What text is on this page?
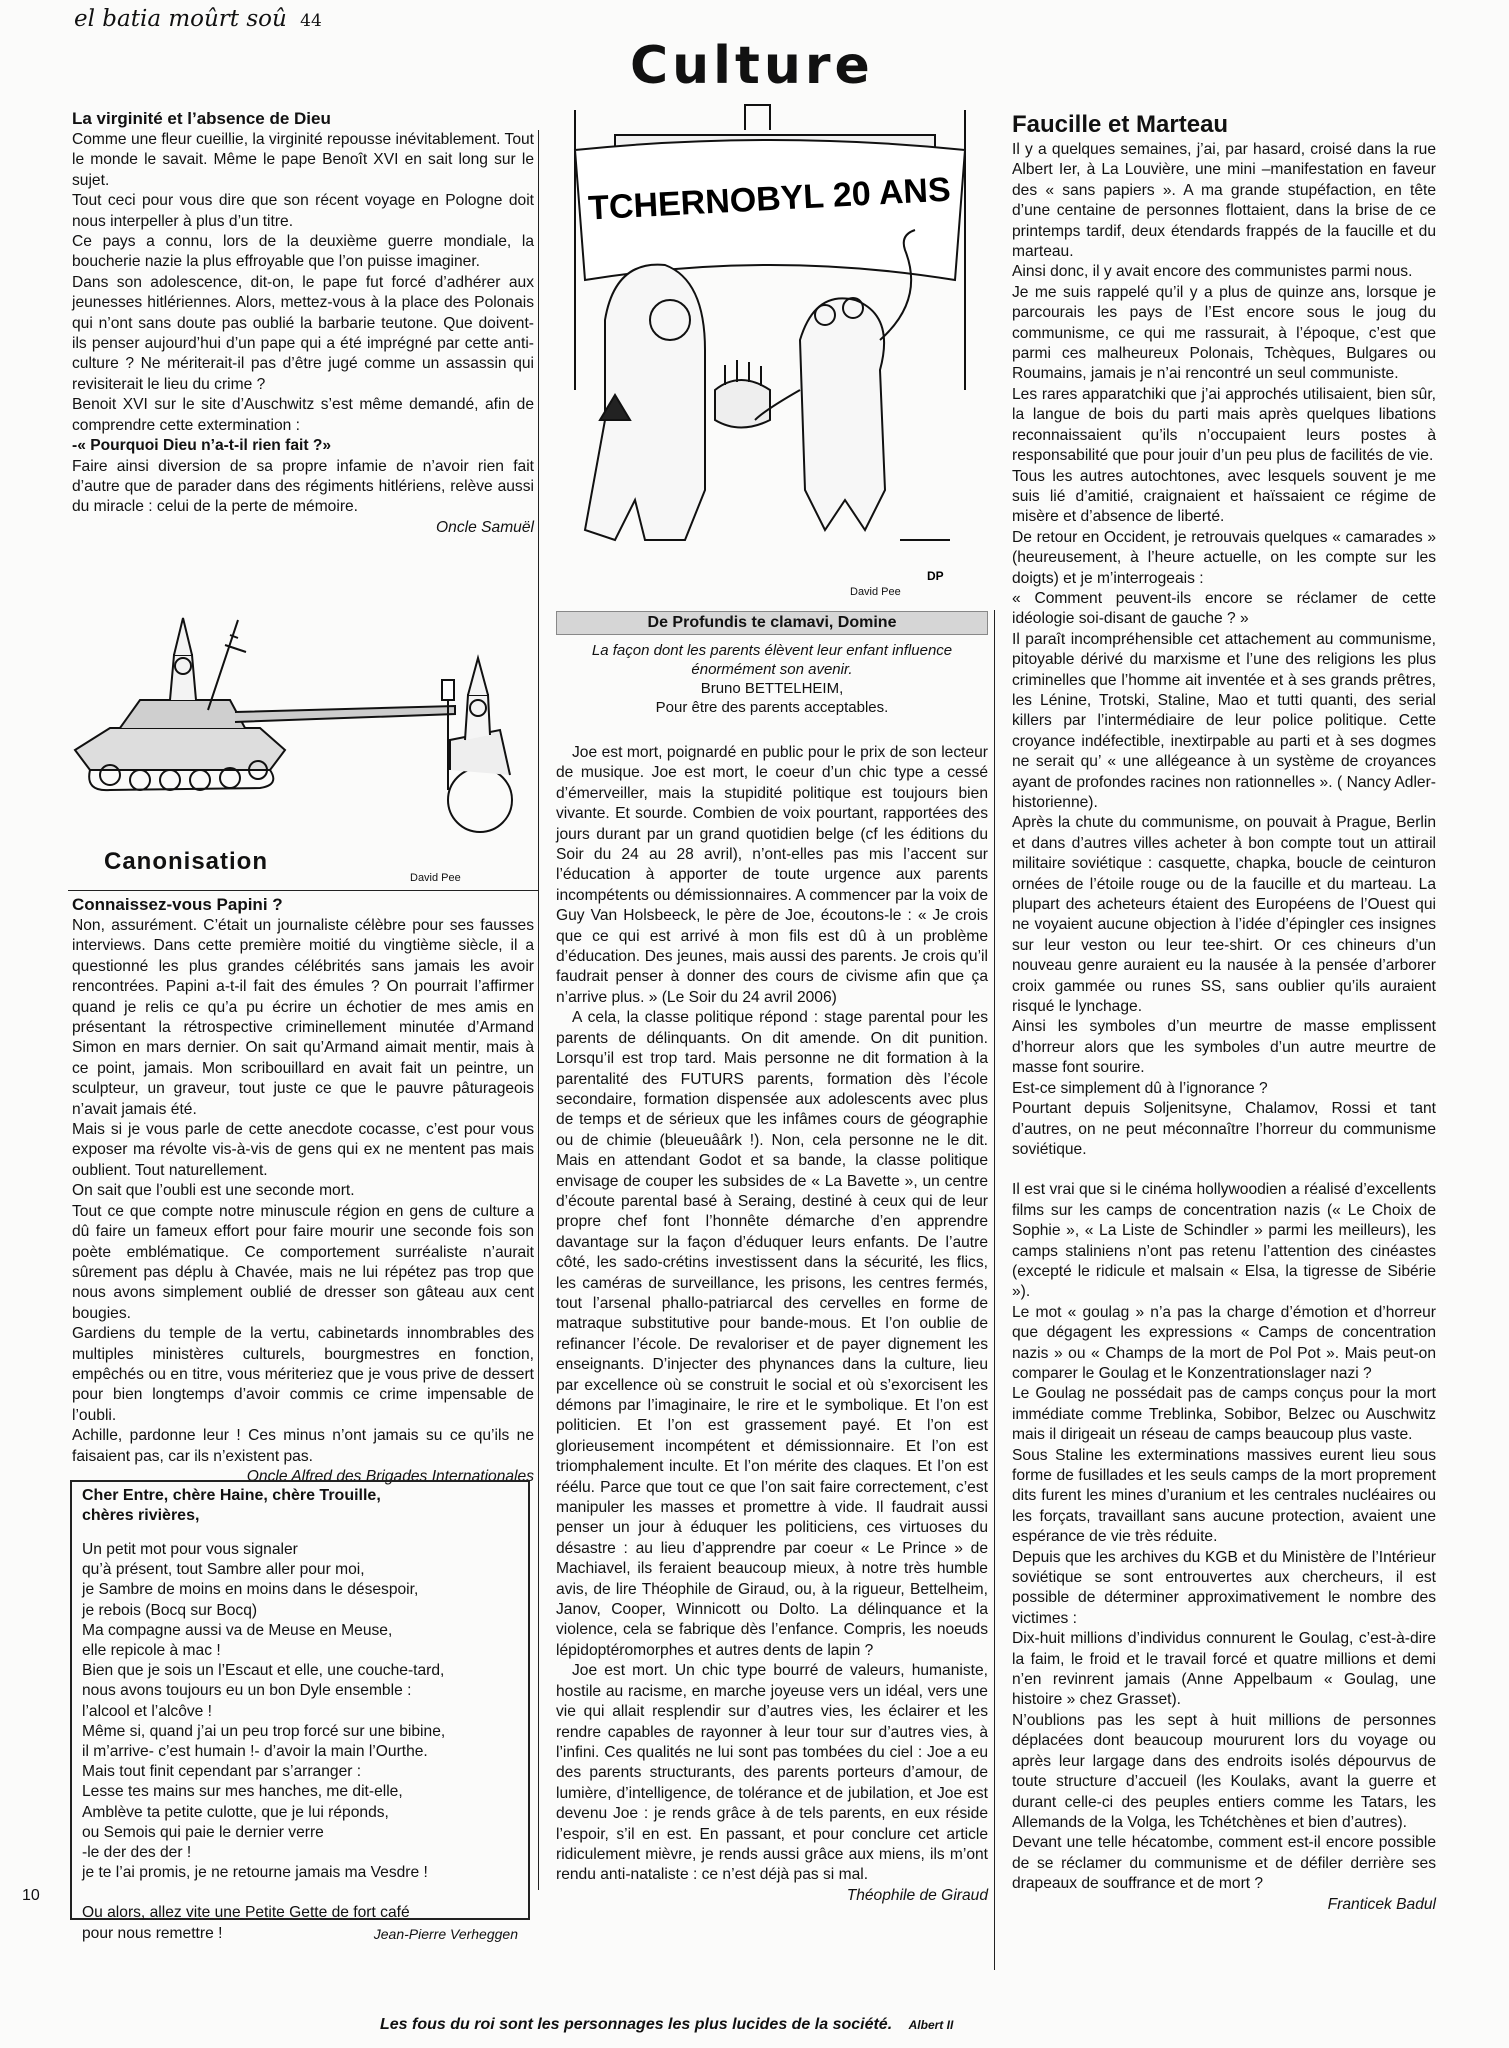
el batia moûrt soû 44
Culture
La virginité et l’absence de Dieu

Comme une fleur cueillie, la virginité repousse inévitablement. Tout le monde le savait. Même le pape Benoît XVI en sait long sur le sujet.

Tout ceci pour vous dire que son récent voyage en Pologne doit nous interpeller à plus d’un titre.

Ce pays a connu, lors de la deuxième guerre mondiale, la boucherie nazie la plus effroyable que l’on puisse imaginer.

Dans son adolescence, dit-on, le pape fut forcé d’adhérer aux jeunesses hitlériennes. Alors, mettez-vous à la place des Polonais qui n’ont sans doute pas oublié la barbarie teutone. Que doivent-ils penser aujourd’hui d’un pape qui a été imprégné par cette anti-culture ? Ne mériterait-il pas d’être jugé comme un assassin qui revisiterait le lieu du crime ?

Benoit XVI sur le site d’Auschwitz s’est même demandé, afin de comprendre cette extermination :

-« Pourquoi Dieu n’a-t-il rien fait ?»

Faire ainsi diversion de sa propre infamie de n’avoir rien fait d’autre que de parader dans des régiments hitlériens, relève aussi du miracle : celui de la perte de mémoire.

Oncle Samuël

David Pee
Canonisation
Connaissez-vous Papini ?

Non, assurément. C’était un journaliste célèbre pour ses fausses interviews. Dans cette première moitié du vingtième siècle, il a questionné les plus grandes célébrités sans jamais les avoir rencontrées. Papini a-t-il fait des émules ? On pourrait l’affirmer quand je relis ce qu’a pu écrire un échotier de mes amis en présentant la rétrospective criminellement minutée d’Armand Simon en mars dernier. On sait qu’Armand aimait mentir, mais à ce point, jamais. Mon scribouillard en avait fait un peintre, un sculpteur, un graveur, tout juste ce que le pauvre pâturageois n’avait jamais été.

Mais si je vous parle de cette anecdote cocasse, c’est pour vous exposer ma révolte vis-à-vis de gens qui ex ne mentent pas mais oublient. Tout naturellement.

On sait que l’oubli est une seconde mort.

Tout ce que compte notre minuscule région en gens de culture a dû faire un fameux effort pour faire mourir une seconde fois son poète emblématique. Ce comportement surréaliste n’aurait sûrement pas déplu à Chavée, mais ne lui répétez pas trop que nous avons simplement oublié de dresser son gâteau aux cent bougies.

Gardiens du temple de la vertu, cabinetards innombrables des multiples ministères culturels, bourgmestres en fonction, empêchés ou en titre, vous mériteriez que je vous prive de dessert pour bien longtemps d’avoir commis ce crime impensable de l’oubli.

Achille, pardonne leur ! Ces minus n’ont jamais su ce qu’ils ne faisaient pas, car ils n’existent pas.

Oncle Alfred des Brigades Internationales

Cher Entre, chère Haine, chère Trouille, chères rivières,
Un petit mot pour vous signaler
qu’à présent, tout Sambre aller pour moi,
je Sambre de moins en moins dans le désespoir,
je rebois (Bocq sur Bocq)
Ma compagne aussi va de Meuse en Meuse,
elle repicole à mac !
Bien que je sois un l’Escaut et elle, une couche-tard,
nous avons toujours eu un bon Dyle ensemble :
l’alcool et l’alcôve !
Même si, quand j’ai un peu trop forcé sur une bibine,
il m’arrive- c’est humain !- d’avoir la main l’Ourthe.
Mais tout finit cependant par s’arranger :
Lesse tes mains sur mes hanches, me dit-elle,
Amblève ta petite culotte, que je lui réponds,
ou Semois qui paie le dernier verre
-le der des der !
je te l’ai promis, je ne retourne jamais ma Vesdre !
Ou alors, allez vite une Petite Gette de fort café
pour nous remettre !	Jean-Pierre Verheggen
10
TCHERNOBYL 20 ANS
DP
David Pee
De Profundis te clamavi, Domine
La façon dont les parents élèvent leur enfant influence énormément son avenir.
Bruno BETTELHEIM,
Pour être des parents acceptables.

Joe est mort, poignardé en public pour le prix de son lecteur de musique. Joe est mort, le coeur d’un chic type a cessé d’émerveiller, mais la stupidité politique est toujours bien vivante. Et sourde. Combien de voix pourtant, rapportées des jours durant par un grand quotidien belge (cf les éditions du Soir du 24 au 28 avril), n’ont-elles pas mis l’accent sur l’éducation à apporter de toute urgence aux parents incompétents ou démissionnaires. A commencer par la voix de Guy Van Holsbeeck, le père de Joe, écoutons-le : « Je crois que ce qui est arrivé à mon fils est dû à un problème d’éducation. Des jeunes, mais aussi des parents. Je crois qu’il faudrait penser à donner des cours de civisme afin que ça n’arrive plus. » (Le Soir du 24 avril 2006)

A cela, la classe politique répond : stage parental pour les parents de délinquants. On dit amende. On dit punition. Lorsqu’il est trop tard. Mais personne ne dit formation à la parentalité des FUTURS parents, formation dès l’école secondaire, formation dispensée aux adolescents avec plus de temps et de sérieux que les infâmes cours de géographie ou de chimie (bleueuâârk !). Non, cela personne ne le dit. Mais en attendant Godot et sa bande, la classe politique envisage de couper les subsides de « La Bavette », un centre d’écoute parental basé à Seraing, destiné à ceux qui de leur propre chef font l’honnête démarche d’en apprendre davantage sur la façon d’éduquer leurs enfants. De l’autre côté, les sado-crétins investissent dans la sécurité, les flics, les caméras de surveillance, les prisons, les centres fermés, tout l’arsenal phallo-patriarcal des cervelles en forme de matraque substitutive pour bande-mous. Et l’on oublie de refinancer l’école. De revaloriser et de payer dignement les enseignants. D’injecter des phynances dans la culture, lieu par excellence où se construit le social et où s’exorcisent les démons par l’imaginaire, le rire et le symbolique. Et l’on est politicien. Et l’on est grassement payé. Et l’on est glorieusement incompétent et démissionnaire. Et l’on est triomphalement inculte. Et l’on mérite des claques. Et l’on est réélu. Parce que tout ce que l’on sait faire correctement, c’est manipuler les masses et promettre à vide. Il faudrait aussi penser un jour à éduquer les politiciens, ces virtuoses du désastre : au lieu d’apprendre par coeur « Le Prince » de Machiavel, ils feraient beaucoup mieux, à notre très humble avis, de lire Théophile de Giraud, ou, à la rigueur, Bettelheim, Janov, Cooper, Winnicott ou Dolto. La délinquance et la violence, cela se fabrique dès l’enfance. Compris, les noeuds lépidoptéromorphes et autres dents de lapin ?

Joe est mort. Un chic type bourré de valeurs, humaniste, hostile au racisme, en marche joyeuse vers un idéal, vers une vie qui allait resplendir sur d’autres vies, les éclairer et les rendre capables de rayonner à leur tour sur d’autres vies, à l’infini. Ces qualités ne lui sont pas tombées du ciel : Joe a eu des parents structurants, des parents porteurs d’amour, de lumière, d’intelligence, de tolérance et de jubilation, et Joe est devenu Joe : je rends grâce à de tels parents, en eux réside l’espoir, s’il en est. En passant, et pour conclure cet article ridiculement mièvre, je rends aussi grâce aux miens, ils m’ont rendu anti-nataliste : ce n’est déjà pas si mal.

Théophile de Giraud

Faucille et Marteau

Il y a quelques semaines, j’ai, par hasard, croisé dans la rue Albert Ier, à La Louvière, une mini –manifestation en faveur des « sans papiers ». A ma grande stupéfaction, en tête d’une centaine de personnes flottaient, dans la brise de ce printemps tardif, deux étendards frappés de la faucille et du marteau.

Ainsi donc, il y avait encore des communistes parmi nous.

Je me suis rappelé qu’il y a plus de quinze ans, lorsque je parcourais les pays de l’Est encore sous le joug du communisme, ce qui me rassurait, à l’époque, c’est que parmi ces malheureux Polonais, Tchèques, Bulgares ou Roumains, jamais je n’ai rencontré un seul communiste.

Les rares apparatchiki que j’ai approchés utilisaient, bien sûr, la langue de bois du parti mais après quelques libations reconnaissaient qu’ils n’occupaient leurs postes à responsabilité que pour jouir d’un peu plus de facilités de vie.

Tous les autres autochtones, avec lesquels souvent je me suis lié d’amitié, craignaient et haïssaient ce régime de misère et d’absence de liberté.

De retour en Occident, je retrouvais quelques « camarades » (heureusement, à l’heure actuelle, on les compte sur les doigts) et je m’interrogeais :

« Comment peuvent-ils encore se réclamer de cette idéologie soi-disant de gauche ? »

Il paraît incompréhensible cet attachement au communisme, pitoyable dérivé du marxisme et l’une des religions les plus criminelles que l’homme ait inventée et à ses grands prêtres, les Lénine, Trotski, Staline, Mao et tutti quanti, des serial killers par l’intermédiaire de leur police politique. Cette croyance indéfectible, inextirpable au parti et à ses dogmes ne serait qu’ « une allégeance à un système de croyances ayant de profondes racines non rationnelles ». ( Nancy Adler- historienne).

Après la chute du communisme, on pouvait à Prague, Berlin et dans d’autres villes acheter à bon compte tout un attirail militaire soviétique : casquette, chapka, boucle de ceinturon ornées de l’étoile rouge ou de la faucille et du marteau. La plupart des acheteurs étaient des Européens de l’Ouest qui ne voyaient aucune objection à l’idée d’épingler ces insignes sur leur veston ou leur tee-shirt. Or ces chineurs d’un nouveau genre auraient eu la nausée à la pensée d’arborer croix gammée ou runes SS, sans oublier qu’ils auraient risqué le lynchage.

Ainsi les symboles d’un meurtre de masse emplissent d’horreur alors que les symboles d’un autre meurtre de masse font sourire.

Est-ce simplement dû à l’ignorance ?

Pourtant depuis Soljenitsyne, Chalamov, Rossi et tant d’autres, on ne peut méconnaître l’horreur du communisme soviétique.

Il est vrai que si le cinéma hollywoodien a réalisé d’excellents films sur les camps de concentration nazis (« Le Choix de Sophie », « La Liste de Schindler » parmi les meilleurs), les camps staliniens n’ont pas retenu l’attention des cinéastes (excepté le ridicule et malsain « Elsa, la tigresse de Sibérie »).

Le mot « goulag » n’a pas la charge d’émotion et d’horreur que dégagent les expressions « Camps de concentration nazis » ou « Champs de la mort de Pol Pot ». Mais peut-on comparer le Goulag et le Konzentrationslager nazi ?

Le Goulag ne possédait pas de camps conçus pour la mort immédiate comme Treblinka, Sobibor, Belzec ou Auschwitz mais il dirigeait un réseau de camps beaucoup plus vaste.

Sous Staline les exterminations massives eurent lieu sous forme de fusillades et les seuls camps de la mort proprement dits furent les mines d’uranium et les centrales nucléaires ou les forçats, travaillant sans aucune protection, avaient une espérance de vie très réduite.

Depuis que les archives du KGB et du Ministère de l’Intérieur soviétique se sont entrouvertes aux chercheurs, il est possible de déterminer approximativement le nombre des victimes :

Dix-huit millions d’individus connurent le Goulag, c’est-à-dire la faim, le froid et le travail forcé et quatre millions et demi n’en revinrent jamais (Anne Appelbaum « Goulag, une histoire » chez Grasset).

N’oublions pas les sept à huit millions de personnes déplacées dont beaucoup moururent lors du voyage ou après leur largage dans des endroits isolés dépourvus de toute structure d’accueil (les Koulaks, avant la guerre et durant celle-ci des peuples entiers comme les Tatars, les Allemands de la Volga, les Tchétchènes et bien d’autres).

Devant une telle hécatombe, comment est-il encore possible de se réclamer du communisme et de défiler derrière ses drapeaux de souffrance et de mort ?

Franticek Badul

Les fous du roi sont les personnages les plus lucides de la société. Albert II
